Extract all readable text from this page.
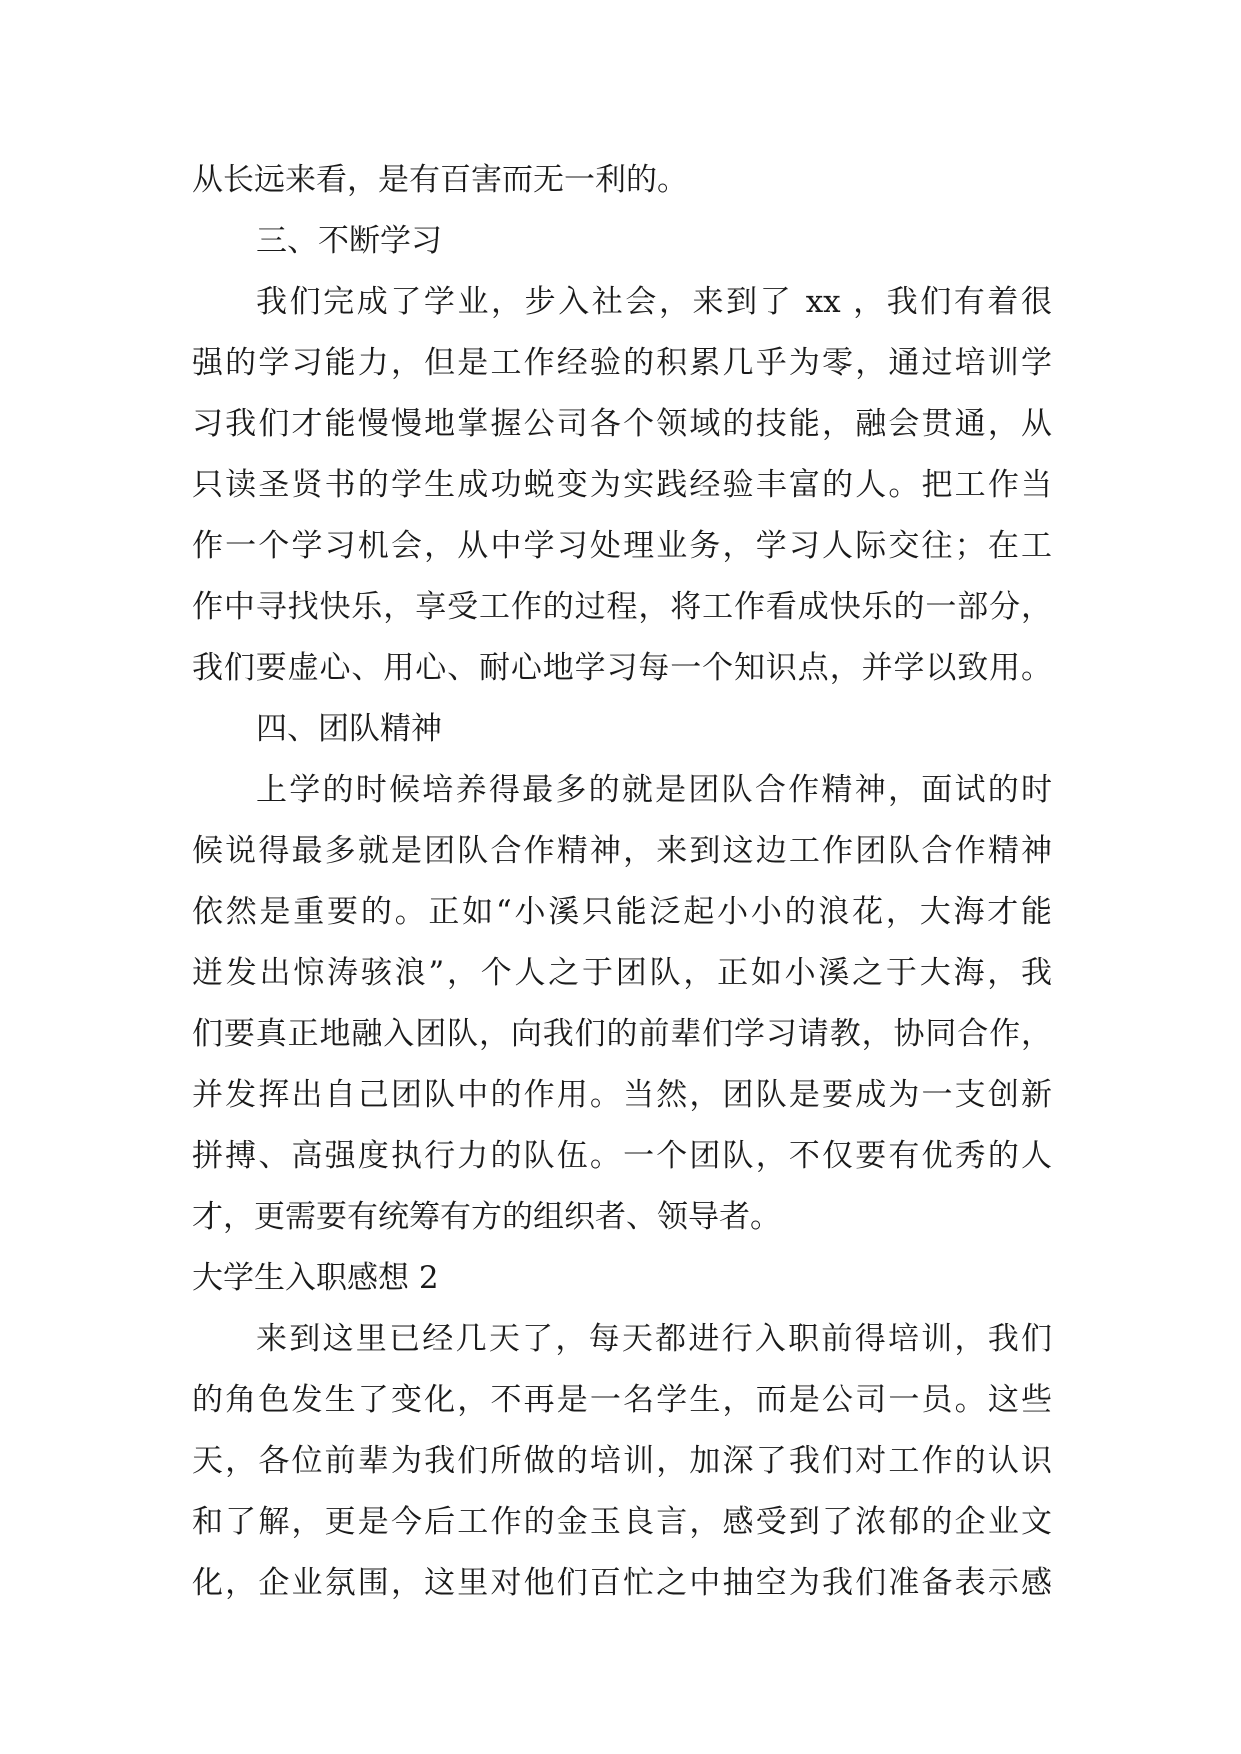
从长远来看，是有百害而无一利的。
三、不断学习
我们完成了学业，步入社会，来到了 xx ，我们有着很
强的学习能力，但是工作经验的积累几乎为零，通过培训学
习我们才能慢慢地掌握公司各个领域的技能，融会贯通，从
只读圣贤书的学生成功蜕变为实践经验丰富的人。把工作当
作一个学习机会，从中学习处理业务，学习人际交往；在工
作中寻找快乐，享受工作的过程，将工作看成快乐的一部分，
我们要虚心、用心、耐心地学习每一个知识点，并学以致用。
四、团队精神
上学的时候培养得最多的就是团队合作精神，面试的时
候说得最多就是团队合作精神，来到这边工作团队合作精神
依然是重要的。正如“小溪只能泛起小小的浪花，大海才能
迸发出惊涛骇浪”，个人之于团队，正如小溪之于大海，我
们要真正地融入团队，向我们的前辈们学习请教，协同合作，
并发挥出自己团队中的作用。当然，团队是要成为一支创新
拼搏、高强度执行力的队伍。一个团队，不仅要有优秀的人
才，更需要有统筹有方的组织者、领导者。
大学生入职感想 2
来到这里已经几天了，每天都进行入职前得培训，我们
的角色发生了变化，不再是一名学生，而是公司一员。这些
天，各位前辈为我们所做的培训，加深了我们对工作的认识
和了解，更是今后工作的金玉良言，感受到了浓郁的企业文
化，企业氛围，这里对他们百忙之中抽空为我们准备表示感
